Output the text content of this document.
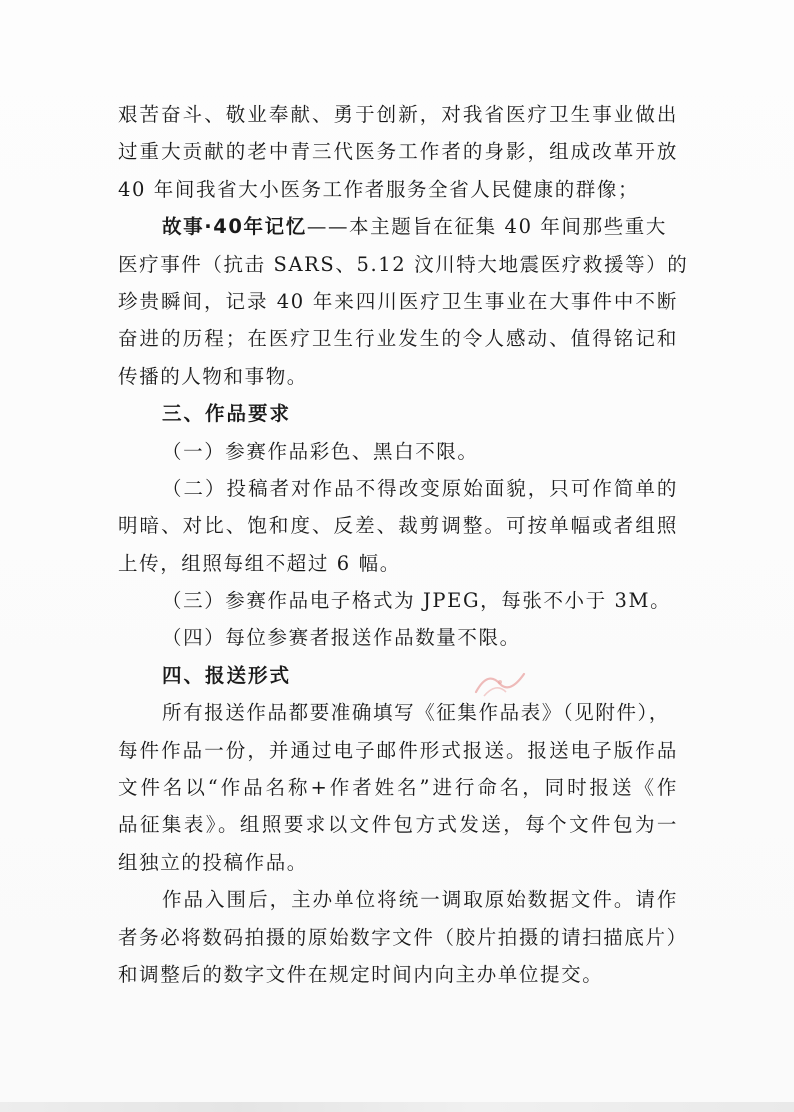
艰苦奋斗、敬业奉献、勇于创新，对我省医疗卫生事业做出
过重大贡献的老中青三代医务工作者的身影，组成改革开放
40 年间我省大小医务工作者服务全省人民健康的群像；
故事·40年记忆——本主题旨在征集 40 年间那些重大
医疗事件（抗击 SARS、5.12 汶川特大地震医疗救援等）的
珍贵瞬间，记录 40 年来四川医疗卫生事业在大事件中不断
奋进的历程；在医疗卫生行业发生的令人感动、值得铭记和
传播的人物和事物。
三、作品要求
（一）参赛作品彩色、黑白不限。
（二）投稿者对作品不得改变原始面貌，只可作简单的
明暗、对比、饱和度、反差、裁剪调整。可按单幅或者组照
上传，组照每组不超过 6 幅。
（三）参赛作品电子格式为 JPEG，每张不小于 3M。
（四）每位参赛者报送作品数量不限。
四、报送形式
所有报送作品都要准确填写《征集作品表》（见附件），
每件作品一份，并通过电子邮件形式报送。报送电子版作品
文件名以“作品名称+作者姓名”进行命名，同时报送《作
品征集表》。组照要求以文件包方式发送，每个文件包为一
组独立的投稿作品。
作品入围后，主办单位将统一调取原始数据文件。请作
者务必将数码拍摄的原始数字文件（胶片拍摄的请扫描底片）
和调整后的数字文件在规定时间内向主办单位提交。
